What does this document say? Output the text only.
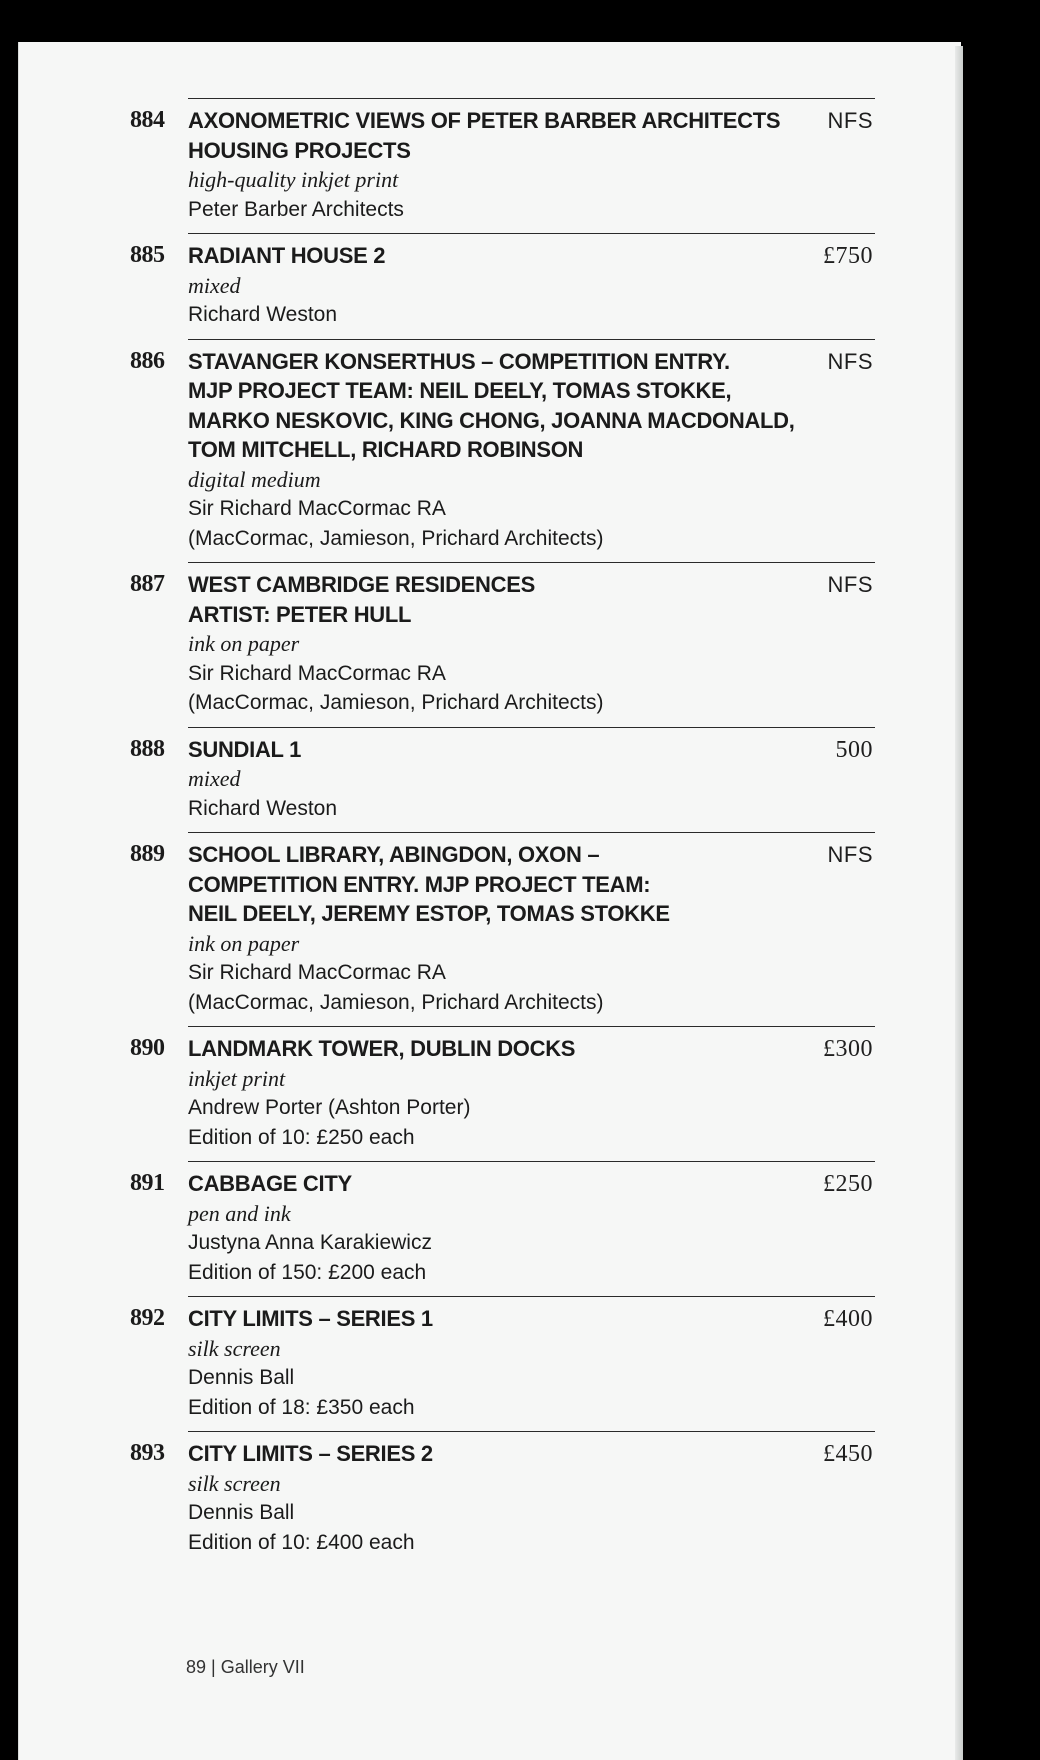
884	NFS
AXONOMETRIC VIEWS OF PETER BARBER ARCHITECTS
HOUSING PROJECTS
high-quality inkjet print
Peter Barber Architects
885	£750
RADIANT HOUSE 2
mixed
Richard Weston
886	NFS
STAVANGER KONSERTHUS – COMPETITION ENTRY.
MJP PROJECT TEAM: NEIL DEELY, TOMAS STOKKE,
MARKO NESKOVIC, KING CHONG, JOANNA MACDONALD,
TOM MITCHELL, RICHARD ROBINSON
digital medium
Sir Richard MacCormac RA
(MacCormac, Jamieson, Prichard Architects)
887	NFS
WEST CAMBRIDGE RESIDENCES
ARTIST: PETER HULL
ink on paper
Sir Richard MacCormac RA
(MacCormac, Jamieson, Prichard Architects)
888	500
SUNDIAL 1
mixed
Richard Weston
889	NFS
SCHOOL LIBRARY, ABINGDON, OXON –
COMPETITION ENTRY. MJP PROJECT TEAM:
NEIL DEELY, JEREMY ESTOP, TOMAS STOKKE
ink on paper
Sir Richard MacCormac RA
(MacCormac, Jamieson, Prichard Architects)
890	£300
LANDMARK TOWER, DUBLIN DOCKS
inkjet print
Andrew Porter (Ashton Porter)
Edition of 10: £250 each
891	£250
CABBAGE CITY
pen and ink
Justyna Anna Karakiewicz
Edition of 150: £200 each
892	£400
CITY LIMITS – SERIES 1
silk screen
Dennis Ball
Edition of 18: £350 each
893	£450
CITY LIMITS – SERIES 2
silk screen
Dennis Ball
Edition of 10: £400 each
89 | Gallery VII
